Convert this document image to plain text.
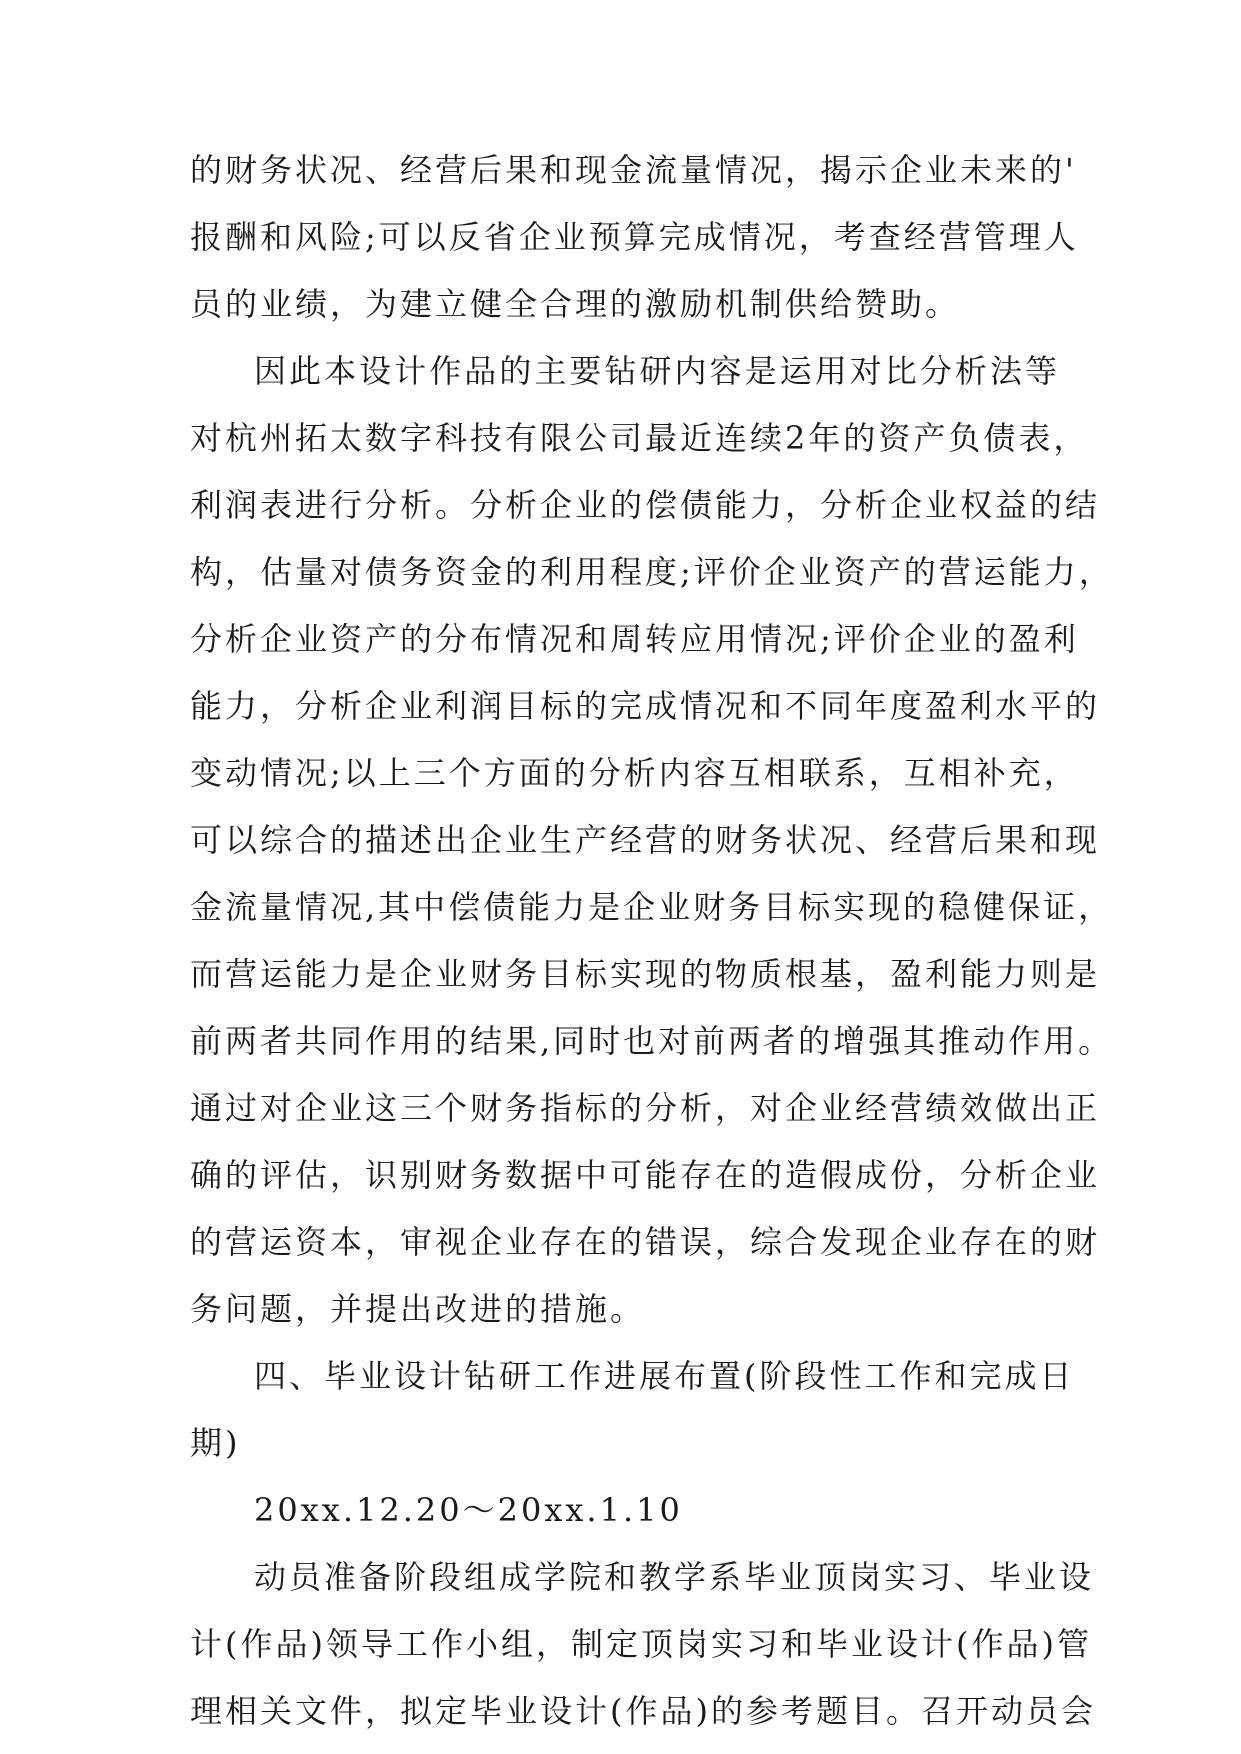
的财务状况、经营后果和现金流量情况，揭示企业未来的'
报酬和风险;可以反省企业预算完成情况，考查经营管理人
员的业绩，为建立健全合理的激励机制供给赞助。
因此本设计作品的主要钻研内容是运用对比分析法等
对杭州拓太数字科技有限公司最近连续2年的资产负债表，
利润表进行分析。分析企业的偿债能力，分析企业权益的结
构，估量对债务资金的利用程度;评价企业资产的营运能力，
分析企业资产的分布情况和周转应用情况;评价企业的盈利
能力，分析企业利润目标的完成情况和不同年度盈利水平的
变动情况;以上三个方面的分析内容互相联系，互相补充，
可以综合的描述出企业生产经营的财务状况、经营后果和现
金流量情况,其中偿债能力是企业财务目标实现的稳健保证，
而营运能力是企业财务目标实现的物质根基，盈利能力则是
前两者共同作用的结果,同时也对前两者的增强其推动作用。
通过对企业这三个财务指标的分析，对企业经营绩效做出正
确的评估，识别财务数据中可能存在的造假成份，分析企业
的营运资本，审视企业存在的错误，综合发现企业存在的财
务问题，并提出改进的措施。
四、毕业设计钻研工作进展布置(阶段性工作和完成日
期)
20xx.12.20～20xx.1.10
动员准备阶段组成学院和教学系毕业顶岗实习、毕业设
计(作品)领导工作小组，制定顶岗实习和毕业设计(作品)管
理相关文件，拟定毕业设计(作品)的参考题目。召开动员会
